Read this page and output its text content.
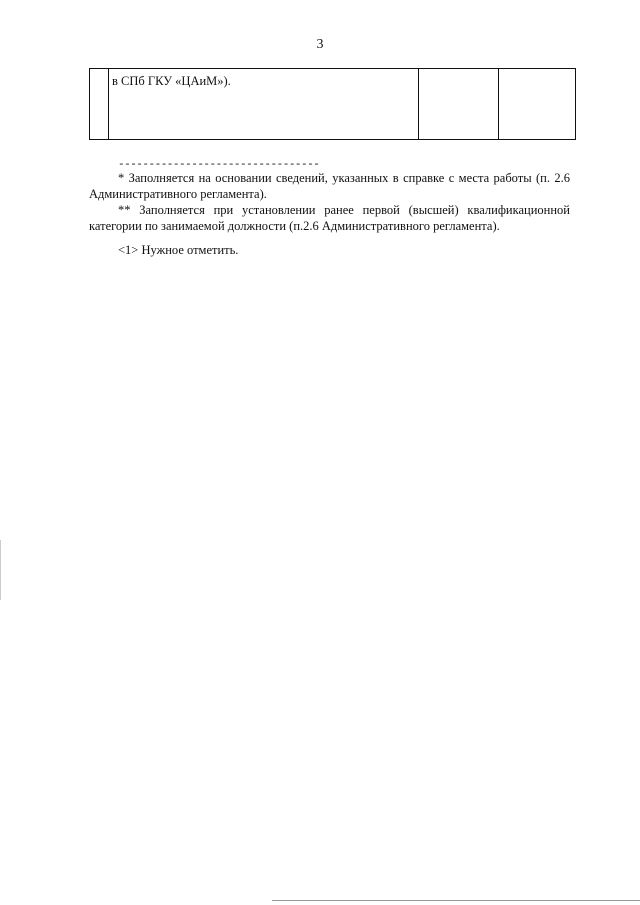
3
в СПб ГКУ «ЦАиМ»).
---------------------------------
* Заполняется на основании сведений, указанных в справке с места работы (п. 2.6 Административного регламента).
** Заполняется при установлении ранее первой (высшей) квалификационной категории по занимаемой должности (п.2.6 Административного регламента).
<1> Нужное отметить.
